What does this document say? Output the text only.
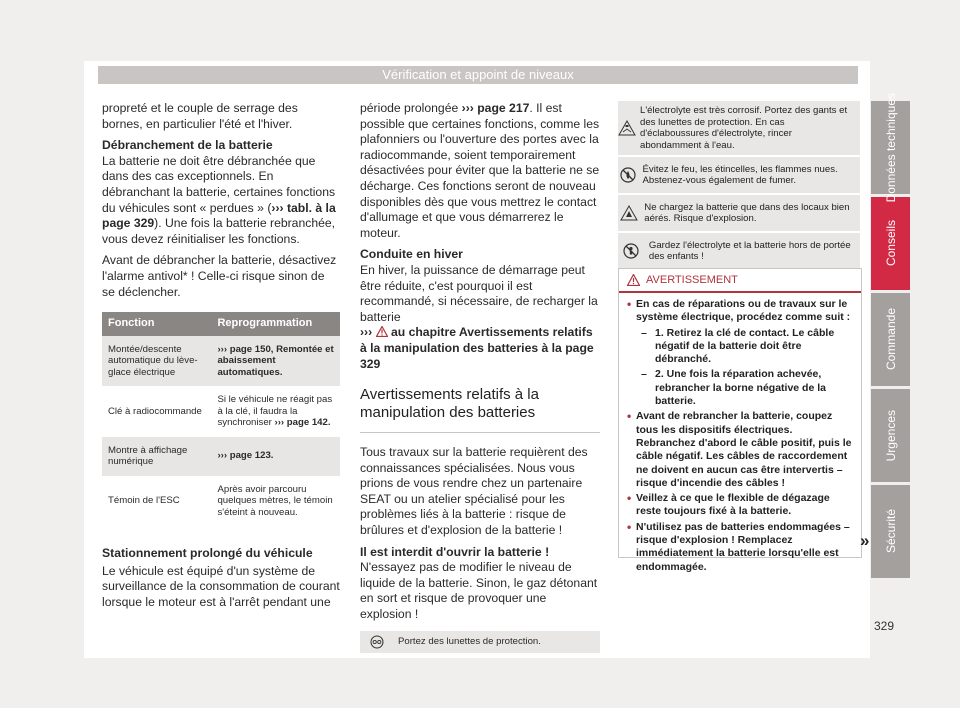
Vérification et appoint de niveaux

propreté et le couple de serrage des bornes, en particulier l'été et l'hiver.

Débranchement de la batterie

La batterie ne doit être débranchée que dans des cas exceptionnels. En débranchant la batterie, certaines fonctions du véhicules sont « perdues » (››› tabl. à la page 329). Une fois la batterie rebranchée, vous devez réinitialiser les fonctions.

Avant de débrancher la batterie, désactivez l'alarme antivol* ! Celle-ci risque sinon de se déclencher.

Fonction	Reprogrammation
Montée/descente automatique du lève-glace électrique	››› page 150, Remontée et abaissement automatiques.
Clé à radiocommande	Si le véhicule ne réagit pas à la clé, il faudra la synchroniser ››› page 142.
Montre à affichage numérique	››› page 123.
Témoin de l'ESC	Après avoir parcouru quelques mètres, le témoin s'éteint à nouveau.

Stationnement prolongé du véhicule

Le véhicule est équipé d'un système de surveillance de la consommation de courant lorsque le moteur est à l'arrêt pendant une

période prolongée ››› page 217. Il est possible que certaines fonctions, comme les plafonniers ou l'ouverture des portes avec la radiocommande, soient temporairement désactivées pour éviter que la batterie ne se décharge. Ces fonctions seront de nouveau disponibles dès que vous mettrez le contact d'allumage et que vous démarrerez le moteur.

Conduite en hiver

En hiver, la puissance de démarrage peut être réduite, c'est pourquoi il est recommandé, si nécessaire, de recharger la batterie
››› au chapitre Avertissements relatifs à la manipulation des batteries à la page 329

Avertissements relatifs à la manipulation des batteries

Tous travaux sur la batterie requièrent des connaissances spécialisées. Nous vous prions de vous rendre chez un partenaire SEAT ou un atelier spécialisé pour les problèmes liés à la batterie : risque de brûlures et d'explosion de la batterie !

Il est interdit d'ouvrir la batterie ! N'essayez pas de modifier le niveau de liquide de la batterie. Sinon, le gaz détonant en sort et risque de provoquer une explosion !

Portez des lunettes de protection.
L'électrolyte est très corrosif. Portez des gants et des lunettes de protection. En cas d'éclaboussures d'électrolyte, rincer abondamment à l'eau.
Évitez le feu, les étincelles, les flammes nues. Abstenez-vous également de fumer.
Ne chargez la batterie que dans des locaux bien aérés. Risque d'explosion.
Gardez l'électrolyte et la batterie hors de portée des enfants !
AVERTISSEMENT
• En cas de réparations ou de travaux sur le système électrique, procédez comme suit :
– 1. Retirez la clé de contact. Le câble négatif de la batterie doit être débranché.
– 2. Une fois la réparation achevée, rebrancher la borne négative de la batterie.
• Avant de rebrancher la batterie, coupez tous les dispositifs électriques. Rebranchez d'abord le câble positif, puis le câble négatif. Les câbles de raccordement ne doivent en aucun cas être intervertis – risque d'incendie des câbles !
• Veillez à ce que le flexible de dégazage reste toujours fixé à la batterie.
• N'utilisez pas de batteries endommagées – risque d'explosion ! Remplacez immédiatement la batterie lorsqu'elle est endommagée.
»
Données techniques
Conseils
Commande
Urgences
Sécurité
329
